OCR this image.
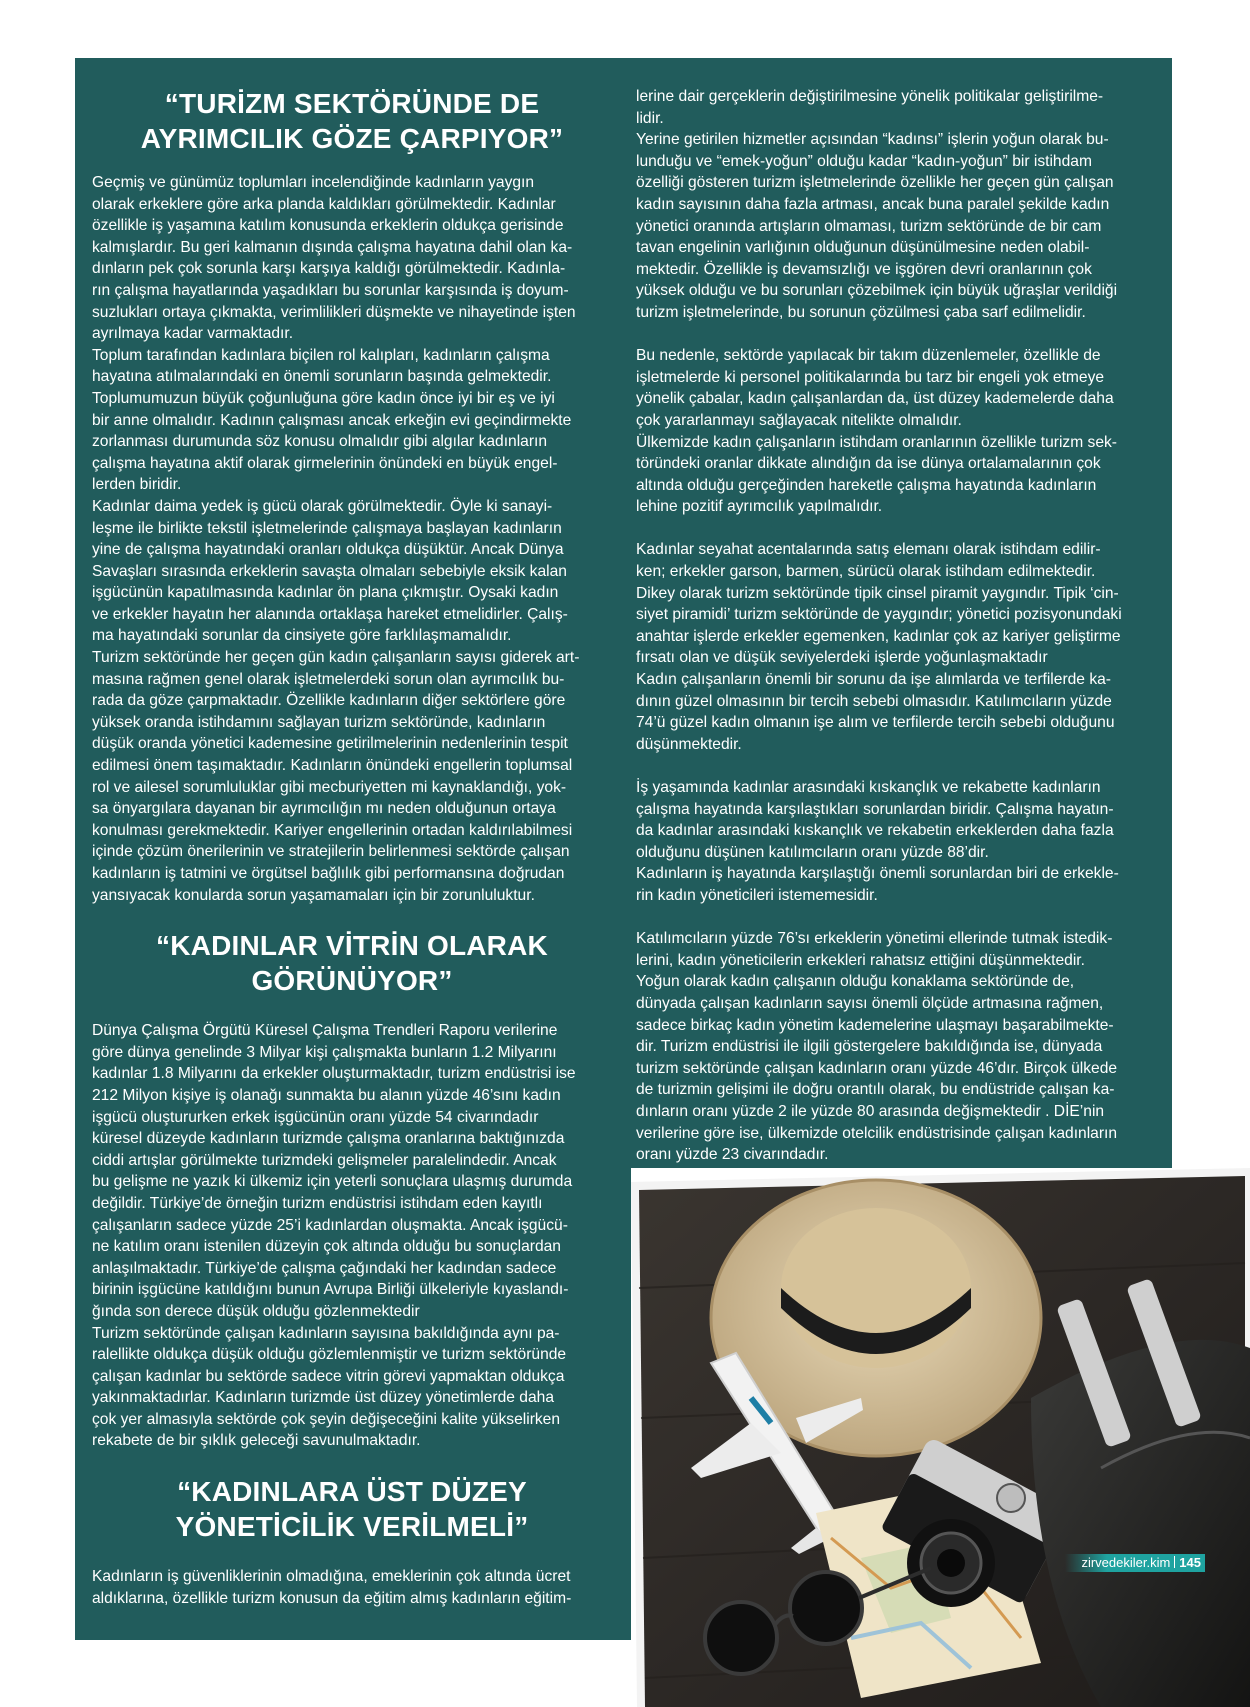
“TURİZM SEKTÖRÜNDE DE
AYRIMCILIK GÖZE ÇARPIYOR”

Geçmiş ve günümüz toplumları incelendiğinde kadınların yaygın
olarak erkeklere göre arka planda kaldıkları görülmektedir. Kadınlar
özellikle iş yaşamına katılım konusunda erkeklerin oldukça gerisinde
kalmışlardır. Bu geri kalmanın dışında çalışma hayatına dahil olan ka-
dınların pek çok sorunla karşı karşıya kaldığı görülmektedir. Kadınla-
rın çalışma hayatlarında yaşadıkları bu sorunlar karşısında iş doyum-
suzlukları ortaya çıkmakta, verimlilikleri düşmekte ve nihayetinde işten
ayrılmaya kadar varmaktadır.
Toplum tarafından kadınlara biçilen rol kalıpları, kadınların çalışma
hayatına atılmalarındaki en önemli sorunların başında gelmektedir.
Toplumumuzun büyük çoğunluğuna göre kadın önce iyi bir eş ve iyi
bir anne olmalıdır. Kadının çalışması ancak erkeğin evi geçindirmekte
zorlanması durumunda söz konusu olmalıdır gibi algılar kadınların
çalışma hayatına aktif olarak girmelerinin önündeki en büyük engel-
lerden biridir.
Kadınlar daima yedek iş gücü olarak görülmektedir. Öyle ki sanayi-
leşme ile birlikte tekstil işletmelerinde çalışmaya başlayan kadınların
yine de çalışma hayatındaki oranları oldukça düşüktür. Ancak Dünya
Savaşları sırasında erkeklerin savaşta olmaları sebebiyle eksik kalan
işgücünün kapatılmasında kadınlar ön plana çıkmıştır. Oysaki kadın
ve erkekler hayatın her alanında ortaklaşa hareket etmelidirler. Çalış-
ma hayatındaki sorunlar da cinsiyete göre farklılaşmamalıdır.
Turizm sektöründe her geçen gün kadın çalışanların sayısı giderek art-
masına rağmen genel olarak işletmelerdeki sorun olan ayrımcılık bu-
rada da göze çarpmaktadır. Özellikle kadınların diğer sektörlere göre
yüksek oranda istihdamını sağlayan turizm sektöründe, kadınların
düşük oranda yönetici kademesine getirilmelerinin nedenlerinin tespit
edilmesi önem taşımaktadır. Kadınların önündeki engellerin toplumsal
rol ve ailesel sorumluluklar gibi mecburiyetten mi kaynaklandığı, yok-
sa önyargılara dayanan bir ayrımcılığın mı neden olduğunun ortaya
konulması gerekmektedir. Kariyer engellerinin ortadan kaldırılabilmesi
içinde çözüm önerilerinin ve stratejilerin belirlenmesi sektörde çalışan
kadınların iş tatmini ve örgütsel bağlılık gibi performansına doğrudan
yansıyacak konularda sorun yaşamamaları için bir zorunluluktur.

“KADINLAR VİTRİN OLARAK
GÖRÜNÜYOR”

Dünya Çalışma Örgütü Küresel Çalışma Trendleri Raporu verilerine
göre dünya genelinde 3 Milyar kişi çalışmakta bunların 1.2 Milyarını
kadınlar 1.8 Milyarını da erkekler oluşturmaktadır, turizm endüstrisi ise
212 Milyon kişiye iş olanağı sunmakta bu alanın yüzde 46’sını kadın
işgücü oluştururken erkek işgücünün oranı yüzde 54 civarındadır
küresel düzeyde kadınların turizmde çalışma oranlarına baktığınızda
ciddi artışlar görülmekte turizmdeki gelişmeler paralelindedir. Ancak
bu gelişme ne yazık ki ülkemiz için yeterli sonuçlara ulaşmış durumda
değildir. Türkiye’de örneğin turizm endüstrisi istihdam eden kayıtlı
çalışanların sadece yüzde 25’i kadınlardan oluşmakta. Ancak işgücü-
ne katılım oranı istenilen düzeyin çok altında olduğu bu sonuçlardan
anlaşılmaktadır. Türkiye’de çalışma çağındaki her kadından sadece
birinin işgücüne katıldığını bunun Avrupa Birliği ülkeleriyle kıyaslandı-
ğında son derece düşük olduğu gözlenmektedir
Turizm sektöründe çalışan kadınların sayısına bakıldığında aynı pa-
ralellikte oldukça düşük olduğu gözlemlenmiştir ve turizm sektöründe
çalışan kadınlar bu sektörde sadece vitrin görevi yapmaktan oldukça
yakınmaktadırlar. Kadınların turizmde üst düzey yönetimlerde daha
çok yer almasıyla sektörde çok şeyin değişeceğini kalite yükselirken
rekabete de bir şıklık geleceği savunulmaktadır.

“KADINLARA ÜST DÜZEY
YÖNETİCİLİK VERİLMELİ”

Kadınların iş güvenliklerinin olmadığına, emeklerinin çok altında ücret
aldıklarına, özellikle turizm konusun da eğitim almış kadınların eğitim-

lerine dair gerçeklerin değiştirilmesine yönelik politikalar geliştirilme-
lidir.
Yerine getirilen hizmetler açısından “kadınsı” işlerin yoğun olarak bu-
lunduğu ve “emek-yoğun” olduğu kadar “kadın-yoğun” bir istihdam
özelliği gösteren turizm işletmelerinde özellikle her geçen gün çalışan
kadın sayısının daha fazla artması, ancak buna paralel şekilde kadın
yönetici oranında artışların olmaması, turizm sektöründe de bir cam
tavan engelinin varlığının olduğunun düşünülmesine neden olabil-
mektedir. Özellikle iş devamsızlığı ve işgören devri oranlarının çok
yüksek olduğu ve bu sorunları çözebilmek için büyük uğraşlar verildiği
turizm işletmelerinde, bu sorunun çözülmesi çaba sarf edilmelidir.

Bu nedenle, sektörde yapılacak bir takım düzenlemeler, özellikle de
işletmelerde ki personel politikalarında bu tarz bir engeli yok etmeye
yönelik çabalar, kadın çalışanlardan da, üst düzey kademelerde daha
çok yararlanmayı sağlayacak nitelikte olmalıdır.
Ülkemizde kadın çalışanların istihdam oranlarının özellikle turizm sek-
töründeki oranlar dikkate alındığın da ise dünya ortalamalarının çok
altında olduğu gerçeğinden hareketle çalışma hayatında kadınların
lehine pozitif ayrımcılık yapılmalıdır.

Kadınlar seyahat acentalarında satış elemanı olarak istihdam edilir-
ken; erkekler garson, barmen, sürücü olarak istihdam edilmektedir.
Dikey olarak turizm sektöründe tipik cinsel piramit yaygındır. Tipik ‘cin-
siyet piramidi’ turizm sektöründe de yaygındır; yönetici pozisyonundaki
anahtar işlerde erkekler egemenken, kadınlar çok az kariyer geliştirme
fırsatı olan ve düşük seviyelerdeki işlerde yoğunlaşmaktadır
Kadın çalışanların önemli bir sorunu da işe alımlarda ve terfilerde ka-
dının güzel olmasının bir tercih sebebi olmasıdır. Katılımcıların yüzde
74’ü güzel kadın olmanın işe alım ve terfilerde tercih sebebi olduğunu
düşünmektedir.

İş yaşamında kadınlar arasındaki kıskançlık ve rekabette kadınların
çalışma hayatında karşılaştıkları sorunlardan biridir. Çalışma hayatın-
da kadınlar arasındaki kıskançlık ve rekabetin erkeklerden daha fazla
olduğunu düşünen katılımcıların oranı yüzde 88’dir.
Kadınların iş hayatında karşılaştığı önemli sorunlardan biri de erkekle-
rin kadın yöneticileri istememesidir.

Katılımcıların yüzde 76’sı erkeklerin yönetimi ellerinde tutmak istedik-
lerini, kadın yöneticilerin erkekleri rahatsız ettiğini düşünmektedir.
Yoğun olarak kadın çalışanın olduğu konaklama sektöründe de,
dünyada çalışan kadınların sayısı önemli ölçüde artmasına rağmen,
sadece birkaç kadın yönetim kademelerine ulaşmayı başarabilmekte-
dir. Turizm endüstrisi ile ilgili göstergelere bakıldığında ise, dünyada
turizm sektöründe çalışan kadınların oranı yüzde 46’dır. Birçok ülkede
de turizmin gelişimi ile doğru orantılı olarak, bu endüstride çalışan ka-
dınların oranı yüzde 2 ile yüzde 80 arasında değişmektedir . DİE’nin
verilerine göre ise, ülkemizde otelcilik endüstrisinde çalışan kadınların
oranı yüzde 23 civarındadır.

zirvedekiler.kim 145
